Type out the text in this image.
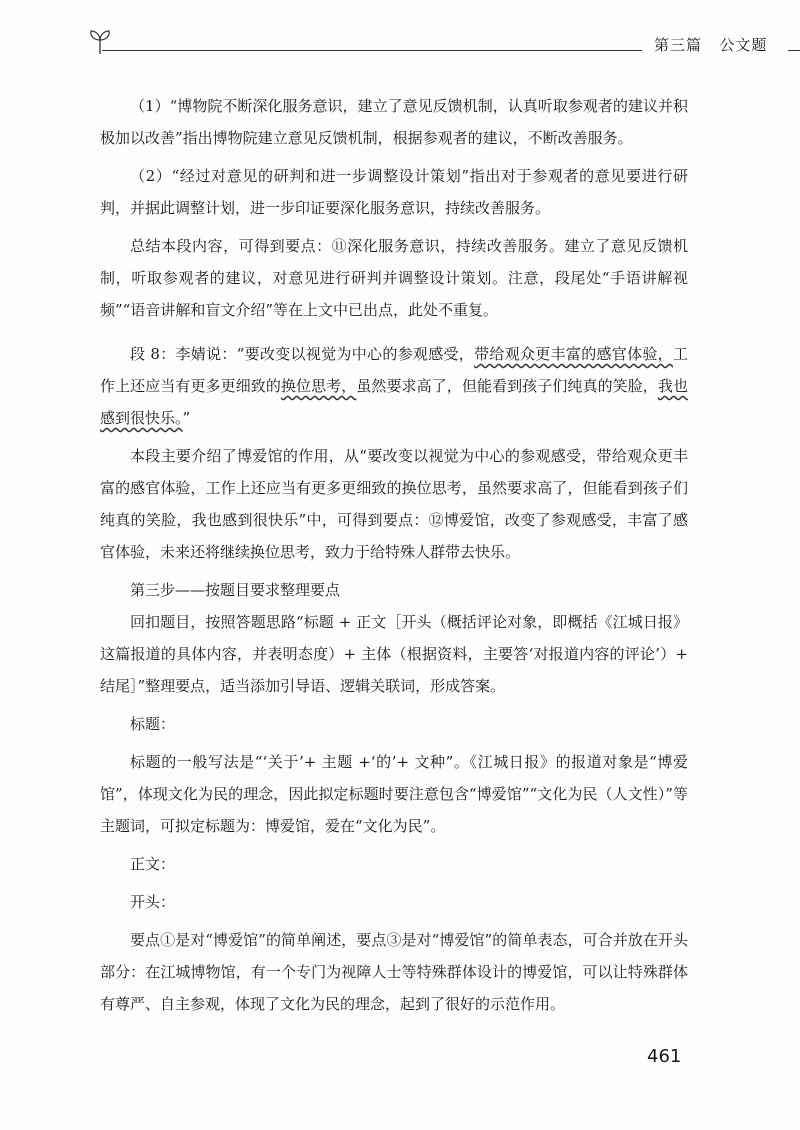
第三篇 公文题

（1）“博物院不断深化服务意识，建立了意见反馈机制，认真听取参观者的建议并积极加以改善”指出博物院建立意见反馈机制，根据参观者的建议，不断改善服务。

（2）“经过对意见的研判和进一步调整设计策划”指出对于参观者的意见要进行研判，并据此调整计划，进一步印证要深化服务意识，持续改善服务。

总结本段内容，可得到要点：⑪深化服务意识，持续改善服务。建立了意见反馈机制，听取参观者的建议，对意见进行研判并调整设计策划。注意，段尾处“手语讲解视频”“语音讲解和盲文介绍”等在上文中已出点，此处不重复。

段 8：李婧说：“要改变以视觉为中心的参观感受，带给观众更丰富的感官体验，工作上还应当有更多更细致的换位思考，虽然要求高了，但能看到孩子们纯真的笑脸，我也感到很快乐。”

本段主要介绍了博爱馆的作用，从“要改变以视觉为中心的参观感受，带给观众更丰富的感官体验，工作上还应当有更多更细致的换位思考，虽然要求高了，但能看到孩子们纯真的笑脸，我也感到很快乐”中，可得到要点：⑫博爱馆，改变了参观感受，丰富了感官体验，未来还将继续换位思考，致力于给特殊人群带去快乐。

第三步——按题目要求整理要点

回扣题目，按照答题思路“标题 + 正文［开头（概括评论对象，即概括《江城日报》这篇报道的具体内容，并表明态度）+ 主体（根据资料，主要答‘对报道内容的评论’）+ 结尾］”整理要点，适当添加引导语、逻辑关联词，形成答案。

标题：

标题的一般写法是“‘关于’+ 主题 +‘的’+ 文种”。《江城日报》的报道对象是“博爱馆”，体现文化为民的理念，因此拟定标题时要注意包含“博爱馆”“文化为民（人文性）”等主题词，可拟定标题为：博爱馆，爱在“文化为民”。

正文：

开头：

要点①是对“博爱馆”的简单阐述，要点③是对“博爱馆”的简单表态，可合并放在开头部分：在江城博物馆，有一个专门为视障人士等特殊群体设计的博爱馆，可以让特殊群体有尊严、自主参观，体现了文化为民的理念，起到了很好的示范作用。

461
